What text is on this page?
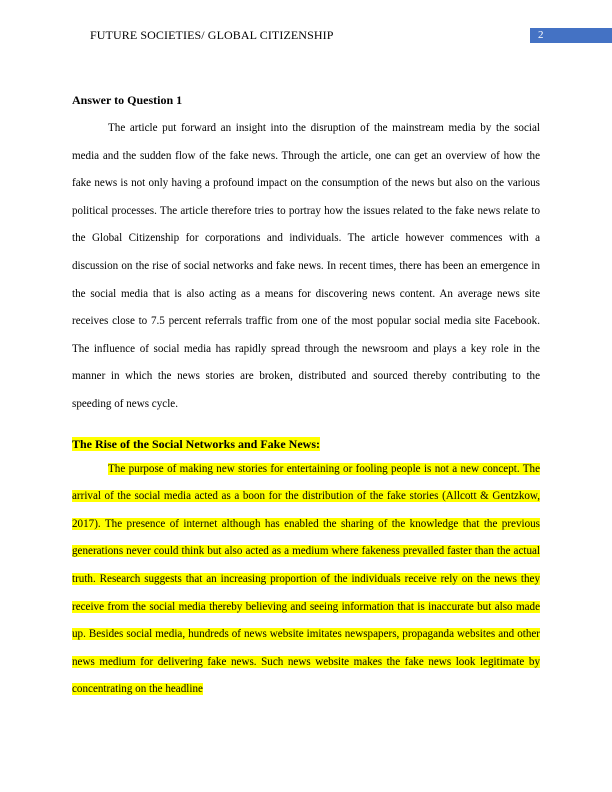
FUTURE SOCIETIES/ GLOBAL CITIZENSHIP	2
Answer to Question 1

The article put forward an insight into the disruption of the mainstream media by the social media and the sudden flow of the fake news. Through the article, one can get an overview of how the fake news is not only having a profound impact on the consumption of the news but also on the various political processes. The article therefore tries to portray how the issues related to the fake news relate to the Global Citizenship for corporations and individuals. The article however commences with a discussion on the rise of social networks and fake news. In recent times, there has been an emergence in the social media that is also acting as a means for discovering news content. An average news site receives close to 7.5 percent referrals traffic from one of the most popular social media site Facebook. The influence of social media has rapidly spread through the newsroom and plays a key role in the manner in which the news stories are broken, distributed and sourced thereby contributing to the speeding of news cycle.

The Rise of the Social Networks and Fake News:

The purpose of making new stories for entertaining or fooling people is not a new concept. The arrival of the social media acted as a boon for the distribution of the fake stories (Allcott & Gentzkow, 2017). The presence of internet although has enabled the sharing of the knowledge that the previous generations never could think but also acted as a medium where fakeness prevailed faster than the actual truth. Research suggests that an increasing proportion of the individuals receive rely on the news they receive from the social media thereby believing and seeing information that is inaccurate but also made up. Besides social media, hundreds of news website imitates newspapers, propaganda websites and other news medium for delivering fake news. Such news website makes the fake news look legitimate by concentrating on the headline
